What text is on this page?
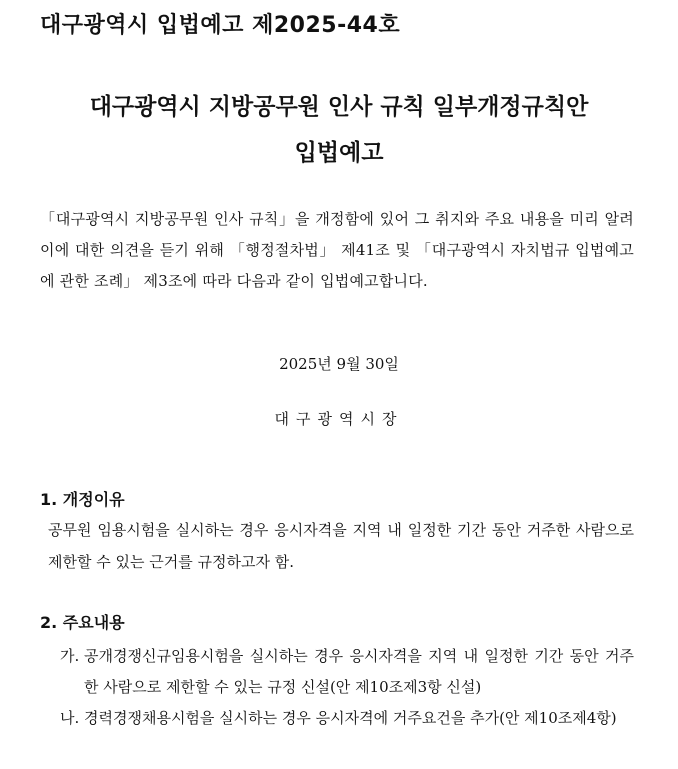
대구광역시 입법예고 제2025-44호
대구광역시 지방공무원 인사 규칙 일부개정규칙안
입법예고
「대구광역시 지방공무원 인사 규칙」을 개정함에 있어 그 취지와 주요 내용을 미리 알려 이에 대한 의견을 듣기 위해 「행정절차법」 제41조 및 「대구광역시 자치법규 입법예고에 관한 조례」 제3조에 따라 다음과 같이 입법예고합니다.
2025년 9월 30일
대구광역시장
1. 개정이유
공무원 임용시험을 실시하는 경우 응시자격을 지역 내 일정한 기간 동안 거주한 사람으로 제한할 수 있는 근거를 규정하고자 함.
2. 주요내용
가. 공개경쟁신규임용시험을 실시하는 경우 응시자격을 지역 내 일정한 기간 동안 거주한 사람으로 제한할 수 있는 규정 신설(안 제10조제3항 신설)
나. 경력경쟁채용시험을 실시하는 경우 응시자격에 거주요건을 추가(안 제10조제4항)
